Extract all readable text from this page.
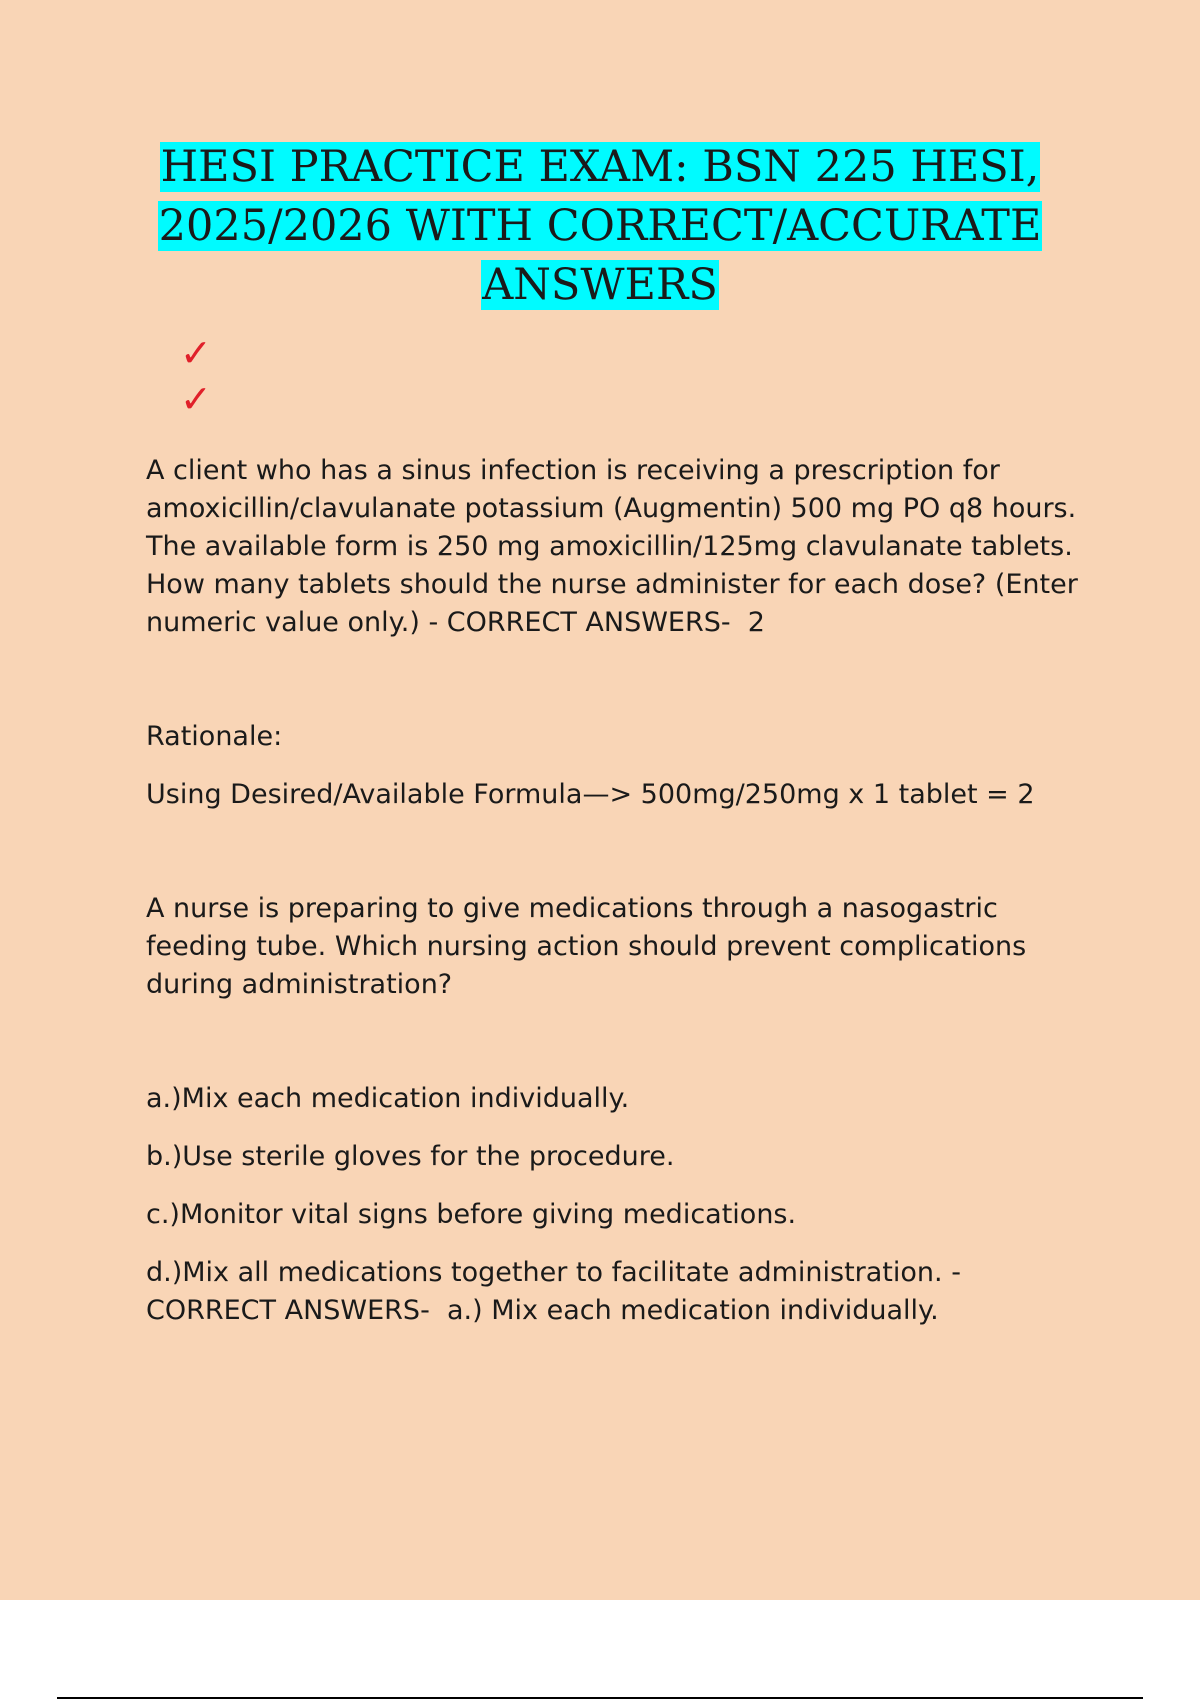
HESI PRACTICE EXAM: BSN 225 HESI,
2025/2026 WITH CORRECT/ACCURATE
ANSWERS
✓
✓

A client who has a sinus infection is receiving a prescription for amoxicillin/clavulanate potassium (Augmentin) 500 mg PO q8 hours. The available form is 250 mg amoxicillin/125mg clavulanate tablets. How many tablets should the nurse administer for each dose? (Enter numeric value only.) - CORRECT ANSWERS-  2

Rationale:

Using Desired/Available Formula—> 500mg/250mg x 1 tablet = 2

A nurse is preparing to give medications through a nasogastric feeding tube. Which nursing action should prevent complications during administration?

a.)Mix each medication individually.

b.)Use sterile gloves for the procedure.

c.)Monitor vital signs before giving medications.

d.)Mix all medications together to facilitate administration. - CORRECT ANSWERS-  a.) Mix each medication individually.
